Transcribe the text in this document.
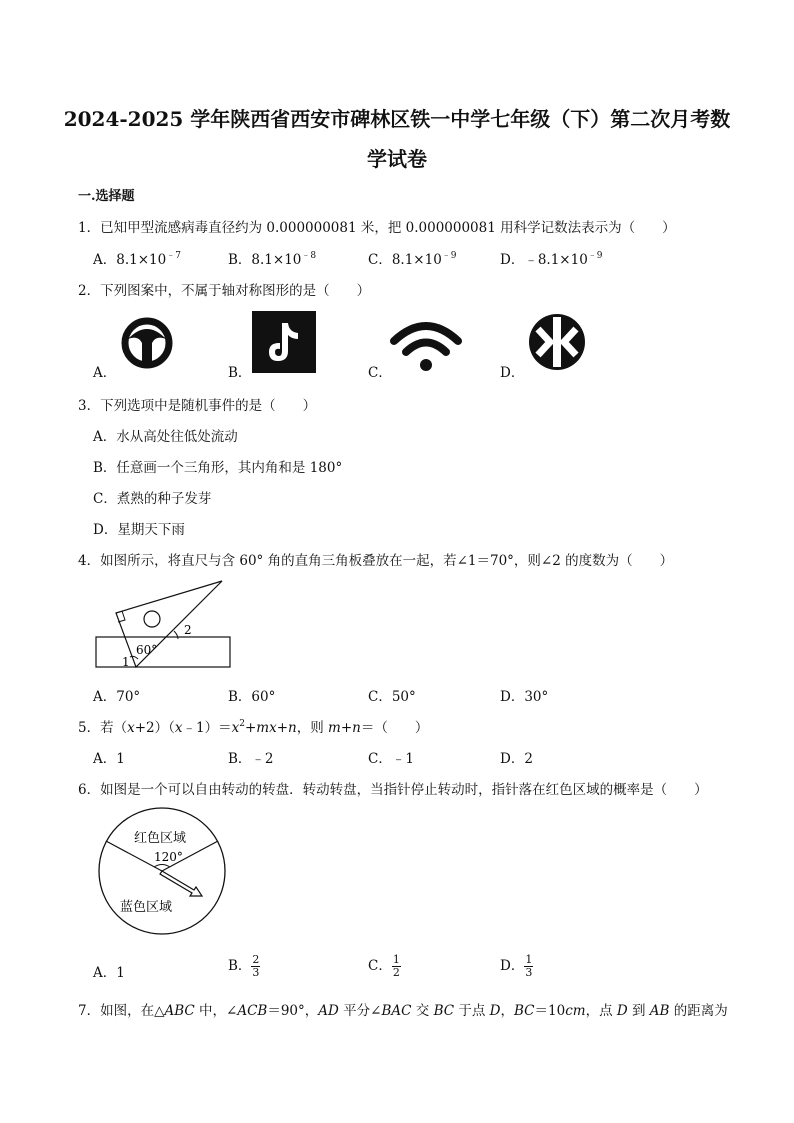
2024-2025 学年陕西省西安市碑林区铁一中学七年级（下）第二次月考数
学试卷
一.选择题
1．已知甲型流感病毒直径约为 0.000000081 米，把 0.000000081 用科学记数法表示为（　　）
A．$8.1\times 10^{﹣7}$	B．$8.1\times 10^{﹣8}$	C．$8.1\times 10^{﹣9}$	D．$﹣8.1\times 10^{﹣9}$
2．下列图案中，不属于轴对称图形的是（　　）
A．	B．	C．	D．
3．下列选项中是随机事件的是（　　）
A．水从高处往低处流动
B．任意画一个三角形，其内角和是 180°
C．煮熟的种子发芽
D．星期天下雨
4．如图所示，将直尺与含 60° 角的直角三角板叠放在一起，若∠1＝70°，则∠2 的度数为（　　）
60°
1
2
A．70°	B．60°	C．50°	D．30°
5．若$(x+2)(x﹣1)=x^2+mx+n$，则 m+n＝（　　）
A．1	B．﹣2	C．﹣1	D．2
6．如图是一个可以自由转动的转盘．转动转盘，当指针停止转动时，指针落在红色区域的概率是（　　）
红色区域
120°
蓝色区域
A．1	B． $\frac{2}{3}$	C． $\frac{1}{2}$	D． $\frac{1}{3}$
7．如图，在△ABC 中，∠ACB＝90°，AD 平分∠BAC 交 BC 于点 D，BC＝10cm，点 D 到 AB 的距离为
